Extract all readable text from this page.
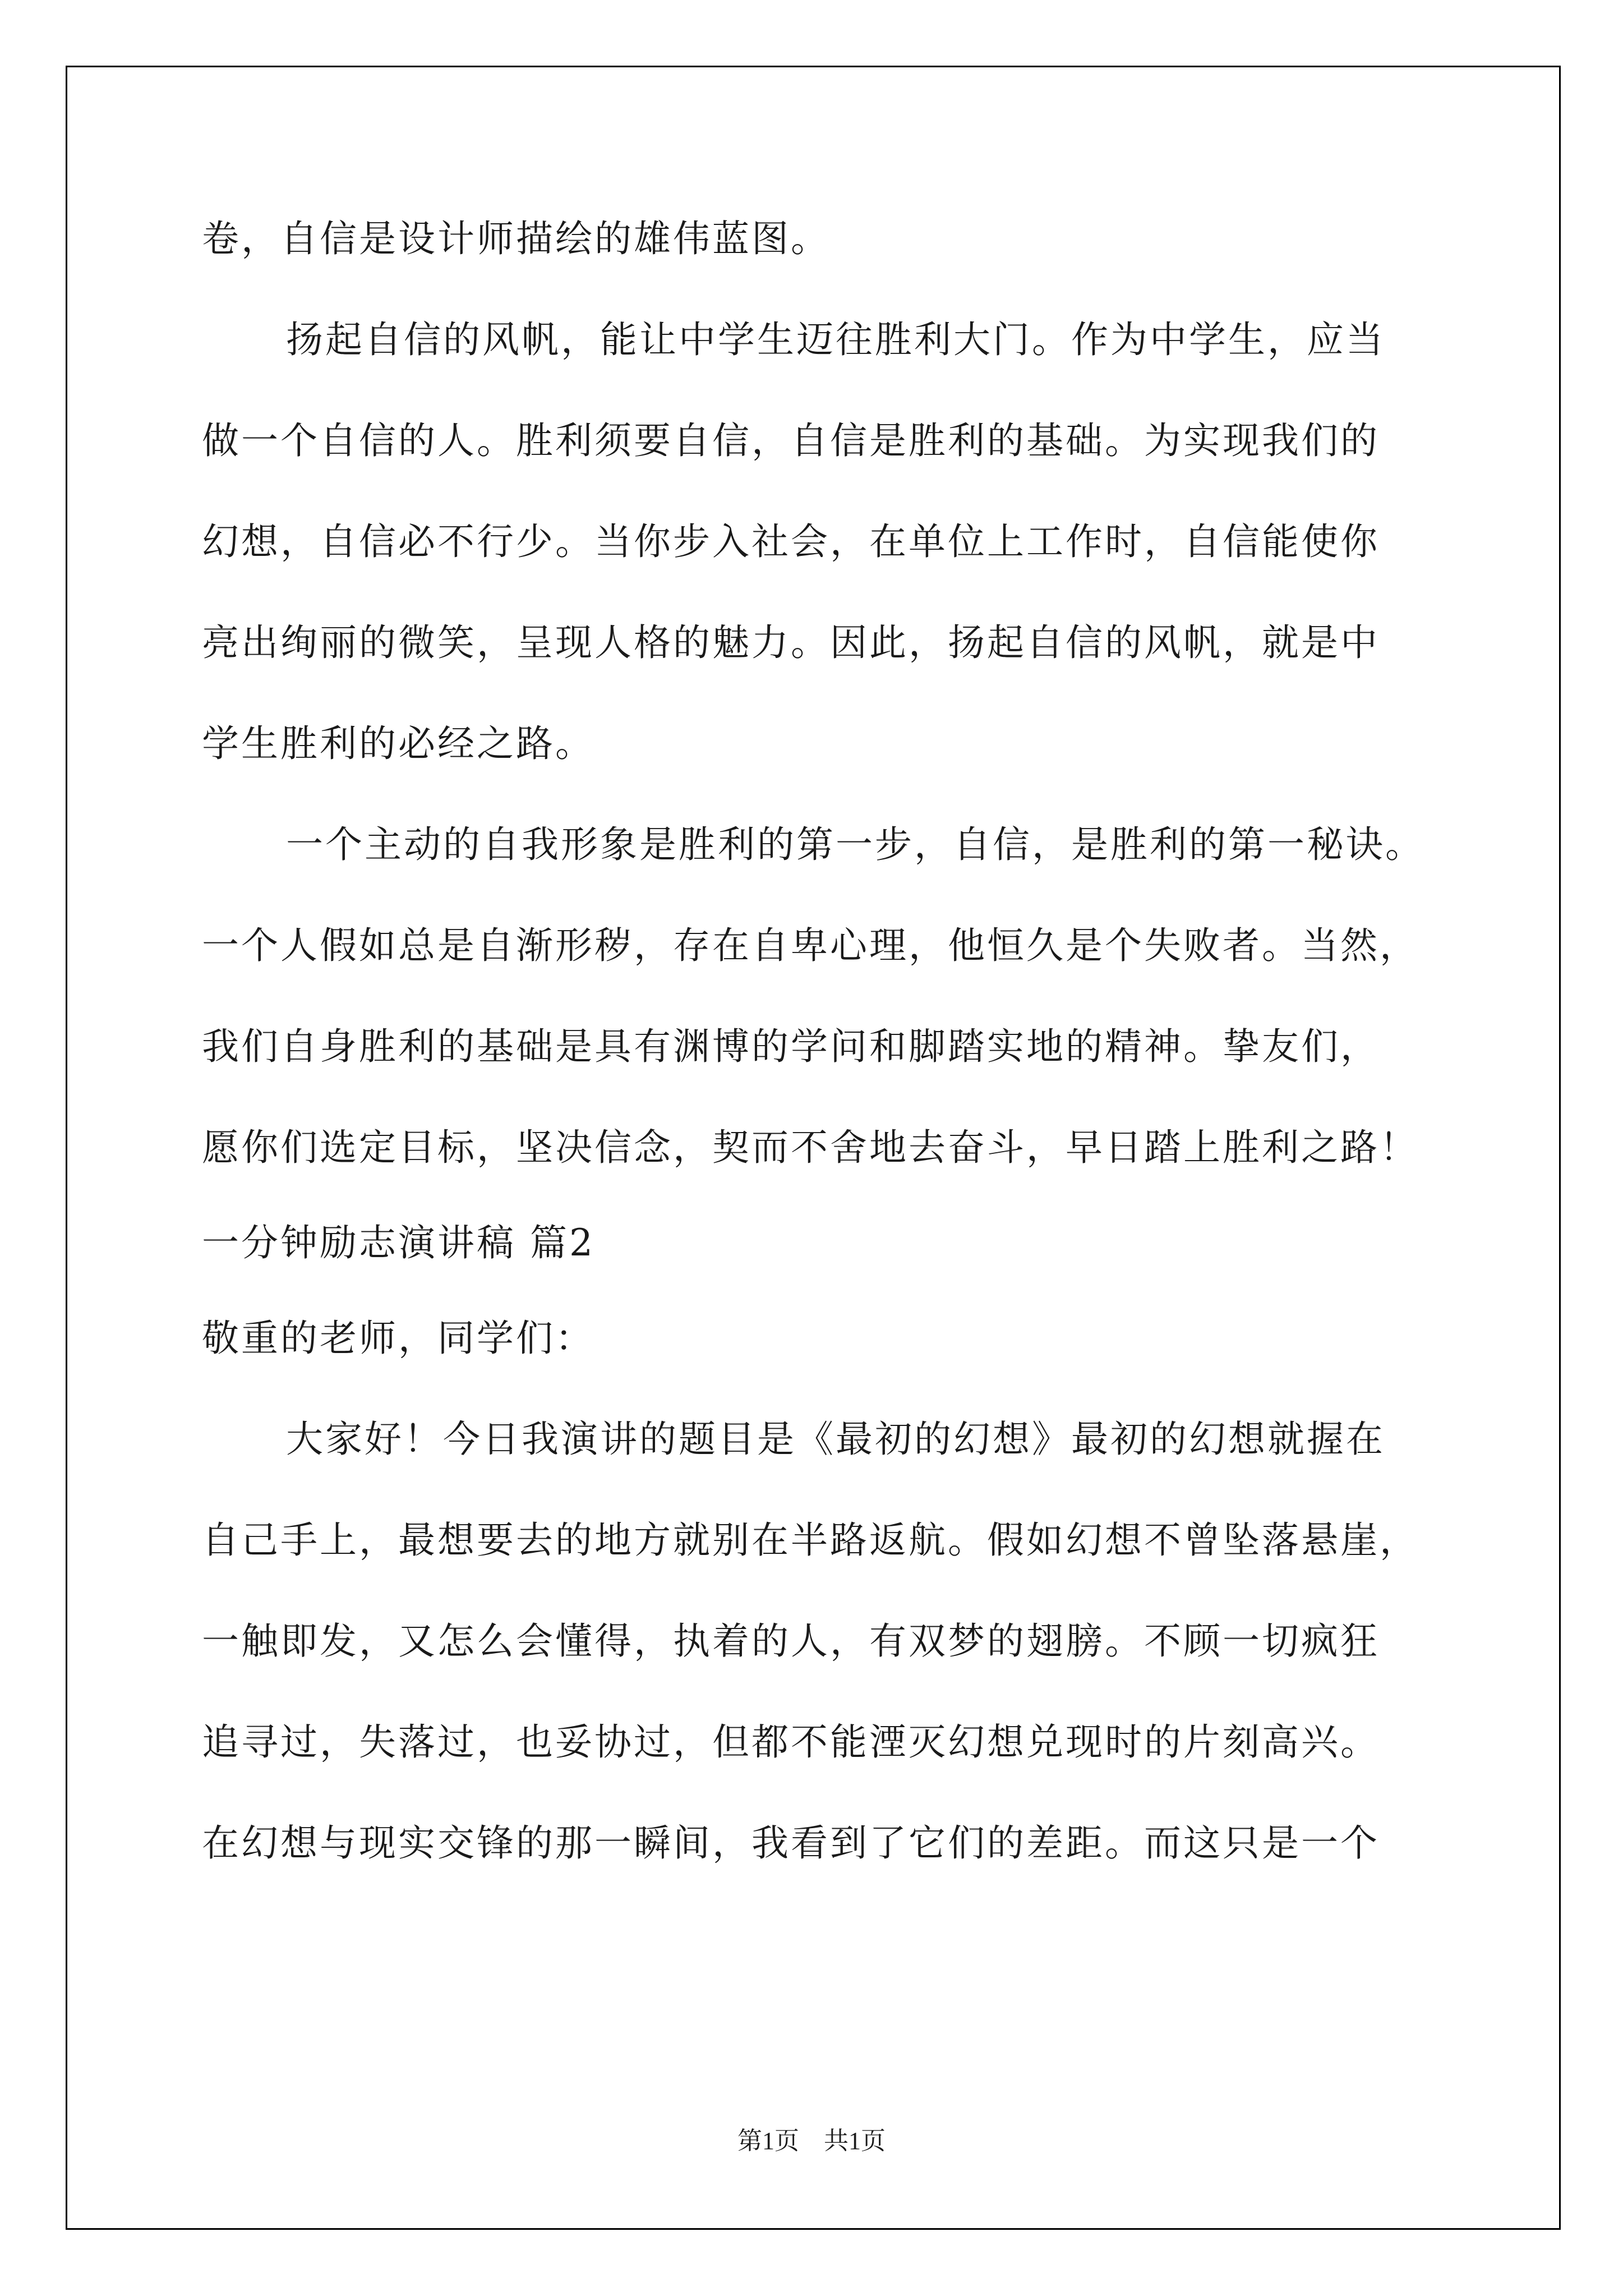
卷，自信是设计师描绘的雄伟蓝图。
扬起自信的风帆，能让中学生迈往胜利大门。作为中学生，应当
做一个自信的人。胜利须要自信，自信是胜利的基础。为实现我们的
幻想，自信必不行少。当你步入社会，在单位上工作时，自信能使你
亮出绚丽的微笑，呈现人格的魅力。因此，扬起自信的风帆，就是中
学生胜利的必经之路。
一个主动的自我形象是胜利的第一步，自信，是胜利的第一秘诀。
一个人假如总是自渐形秽，存在自卑心理，他恒久是个失败者。当然，
我们自身胜利的基础是具有渊博的学问和脚踏实地的精神。挚友们，
愿你们选定目标，坚决信念，契而不舍地去奋斗，早日踏上胜利之路！
一分钟励志演讲稿 篇2
敬重的老师，同学们：
大家好！今日我演讲的题目是《最初的幻想》最初的幻想就握在
自己手上，最想要去的地方就别在半路返航。假如幻想不曾坠落悬崖，
一触即发，又怎么会懂得，执着的人，有双梦的翅膀。不顾一切疯狂
追寻过，失落过，也妥协过，但都不能湮灭幻想兑现时的片刻高兴。
在幻想与现实交锋的那一瞬间，我看到了它们的差距。而这只是一个
第1页　共1页
